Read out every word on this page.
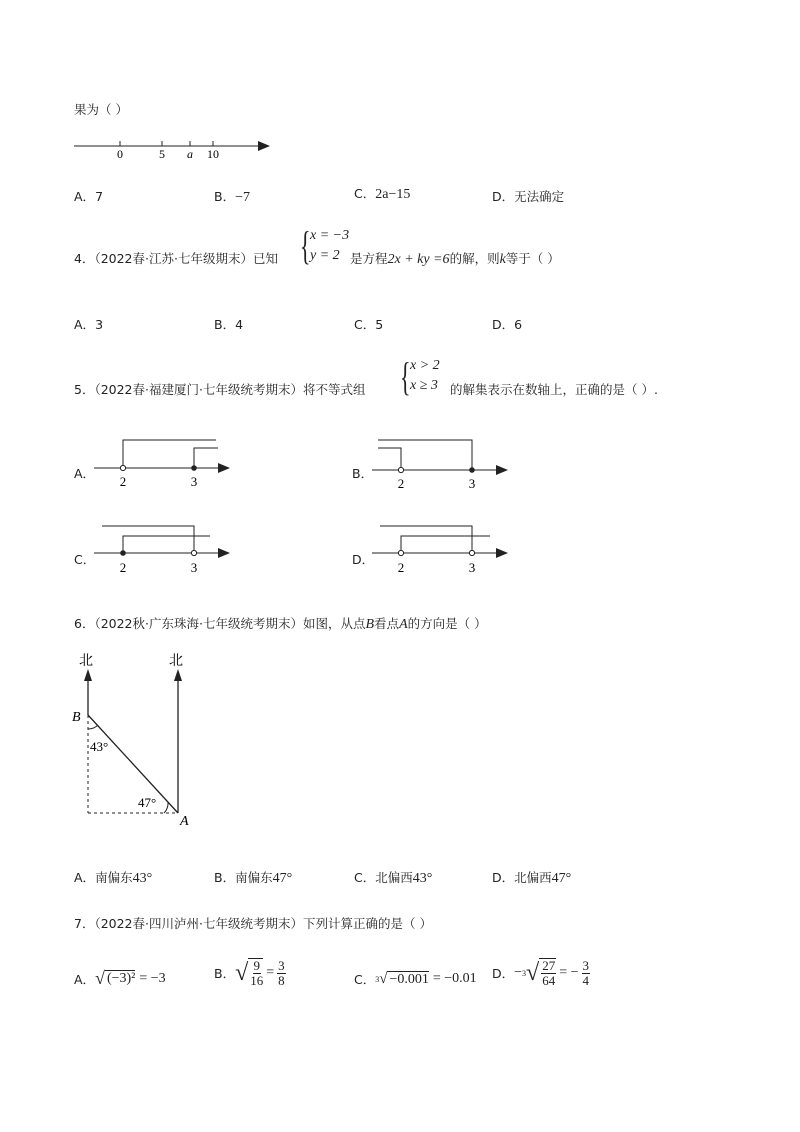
果为（ ）
0	5 a 10
A．7	B．−7	C．2a−15	D．无法确定
4．（2022春·江苏·七年级期末）已知 { x = −3
y = 2 是方程2x + ky =6的解，则k等于（ ）
A．3	B．4	C．5	D．6
5．（2022春·福建厦门·七年级统考期末）将不等式组 { x > 2
x ≥ 3 的解集表示在数轴上，正确的是（ ）.
A．
2	3
B．
2	3
C．
2	3
D．
2	3
6．（2022秋·广东珠海·七年级统考期末）如图，从点B看点A的方向是（ ）
北	北
B
43°
47°
A
A．南偏东43°	B．南偏东47°	C．北偏西43°	D．北偏西47°
7．（2022春·四川泸州·七年级统考期末）下列计算正确的是（ ）
A． √ (−3)² = −3	B． √ $\frac{9}{16} = \frac{3}{8}$	C． 3 √ −0.001 = −0.01 D． − 3 √ $\frac{27}{64}$ = − $\frac{3}{4}$
